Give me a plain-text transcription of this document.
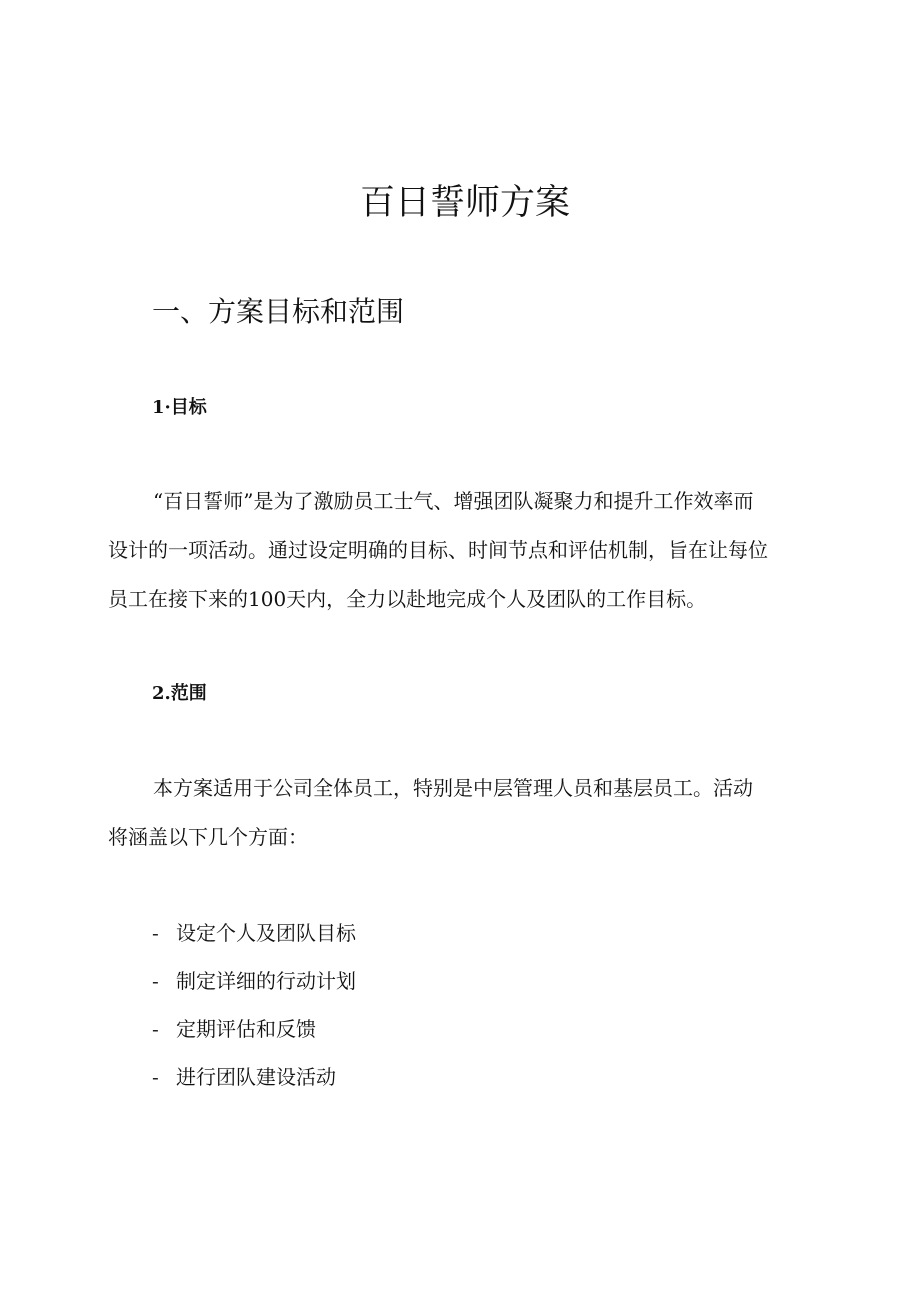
百日誓师方案
一、方案目标和范围
1·目标

“百日誓师”是为了激励员工士气、增强团队凝聚力和提升工作效率而
设计的一项活动。通过设定明确的目标、时间节点和评估机制，旨在让每位
员工在接下来的100天内，全力以赴地完成个人及团队的工作目标。

2.范围

本方案适用于公司全体员工，特别是中层管理人员和基层员工。活动
将涵盖以下几个方面：

- 设定个人及团队目标
- 制定详细的行动计划
- 定期评估和反馈
- 进行团队建设活动
